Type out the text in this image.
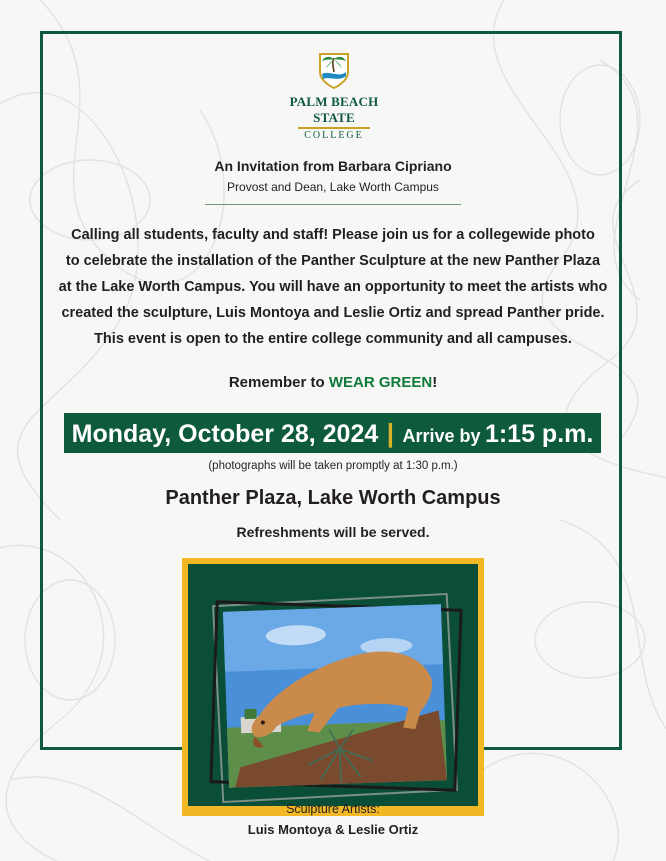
PALM BEACH STATE
COLLEGE
An Invitation from Barbara Cipriano
Provost and Dean, Lake Worth Campus
Calling all students, faculty and staff! Please join us for a collegewide photo
to celebrate the installation of the Panther Sculpture at the new Panther Plaza
at the Lake Worth Campus. You will have an opportunity to meet the artists who
created the sculpture, Luis Montoya and Leslie Ortiz and spread Panther pride.
This event is open to the entire college community and all campuses.
Remember to WEAR GREEN!
Monday, October 28, 2024 | Arrive by 1:15 p.m.
(photographs will be taken promptly at 1:30 p.m.)
Panther Plaza, Lake Worth Campus
Refreshments will be served.
Sculpture Artists:
Luis Montoya & Leslie Ortiz
